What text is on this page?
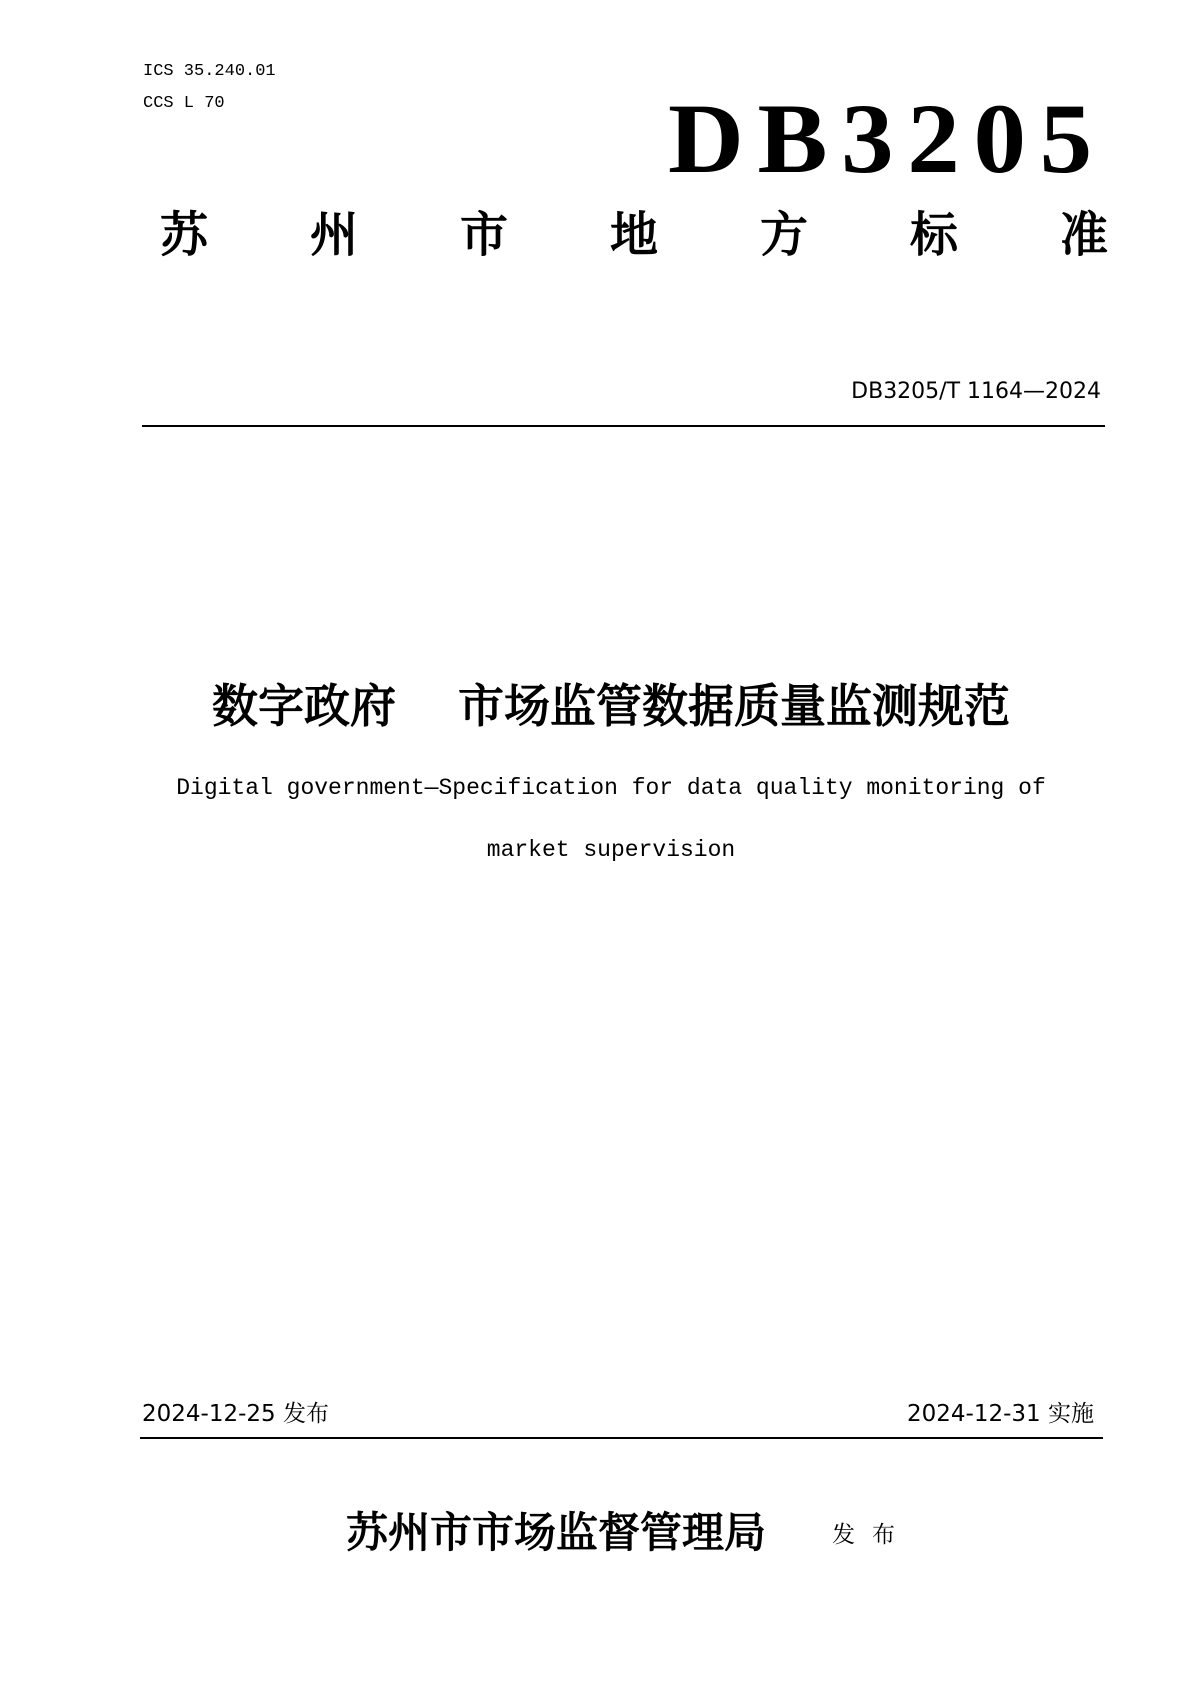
ICS 35.240.01
CCS L 70	DB3205
苏 州 市 地 方 标 准
DB3205/T 1164—2024
数字政府　 市场监管数据质量监测规范
Digital government—Specification for data quality monitoring of
market supervision
2024-12-25 发布	2024-12-31 实施
苏州市市场监督管理局	发布
